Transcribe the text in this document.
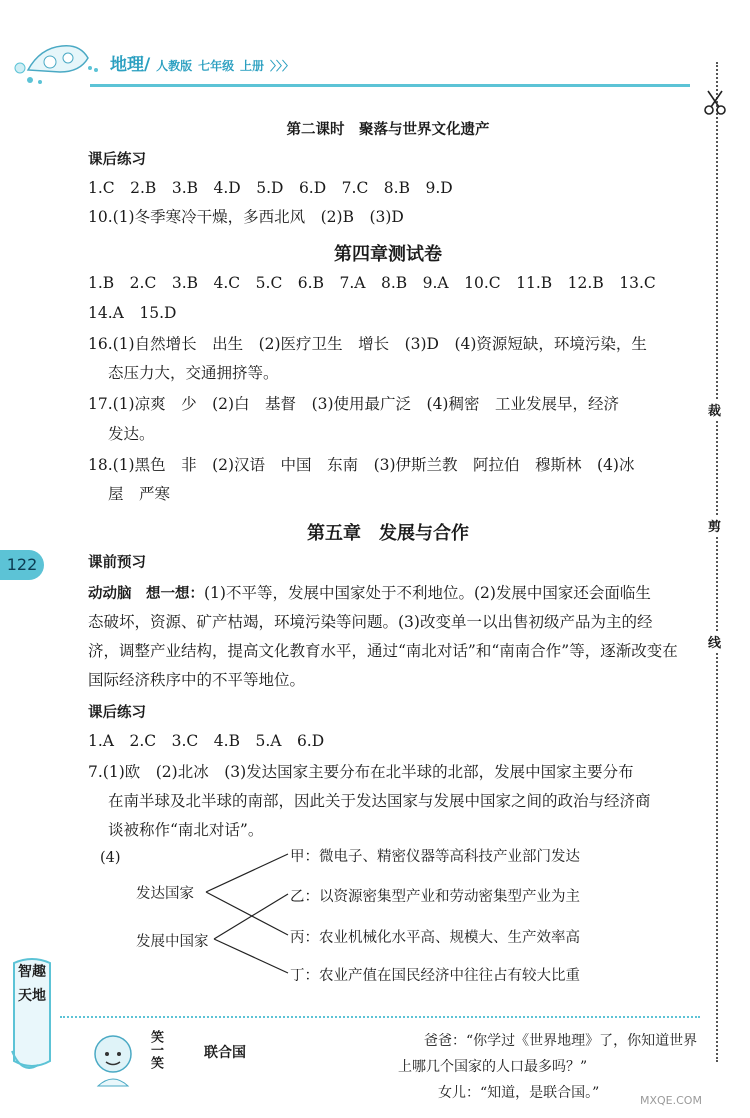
地理/ 人教版 七年级 上册 〉〉〉
裁
剪
线
122
第二课时　聚落与世界文化遗产
课后练习
1.C　2.B　3.B　4.D　5.D　6.D　7.C　8.B　9.D
10.(1)冬季寒冷干燥，多西北风　(2)B　(3)D
第四章测试卷
1.B　2.C　3.B　4.C　5.C　6.B　7.A　8.B　9.A　10.C　11.B　12.B　13.C
14.A　15.D
16.(1)自然增长　出生　(2)医疗卫生　增长　(3)D　(4)资源短缺，环境污染，生
态压力大，交通拥挤等。
17.(1)凉爽　少　(2)白　基督　(3)使用最广泛　(4)稠密　工业发展早，经济
发达。
18.(1)黑色　非　(2)汉语　中国　东南　(3)伊斯兰教　阿拉伯　穆斯林　(4)冰
屋　严寒
第五章　发展与合作
课前预习
动动脑　想一想：(1)不平等，发展中国家处于不利地位。(2)发展中国家还会面临生
态破坏，资源、矿产枯竭，环境污染等问题。(3)改变单一以出售初级产品为主的经
济，调整产业结构，提高文化教育水平，通过“南北对话”和“南南合作”等，逐渐改变在
国际经济秩序中的不平等地位。
课后练习
1.A　2.C　3.C　4.B　5.A　6.D
7.(1)欧　(2)北冰　(3)发达国家主要分布在北半球的北部，发展中国家主要分布
在南半球及北半球的南部，因此关于发达国家与发展中国家之间的政治与经济商
谈被称作“南北对话”。
(4)
发达国家
发展中国家
甲：微电子、精密仪器等高科技产业部门发达
乙：以资源密集型产业和劳动密集型产业为主
丙：农业机械化水平高、规模大、生产效率高
丁：农业产值在国民经济中往往占有较大比重
智趣天地
笑一笑	联合国
爸爸：“你学过《世界地理》了，你知道世界
上哪几个国家的人口最多吗？”
女儿：“知道，是联合国。”	MXQE.COM
